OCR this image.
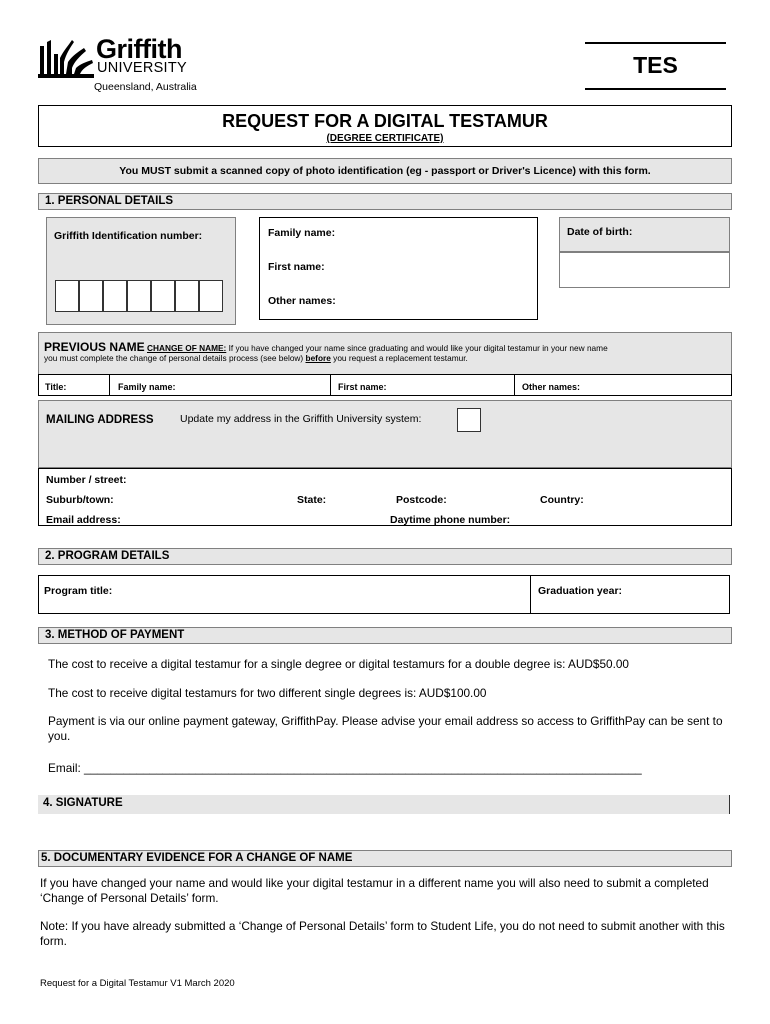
Griffith
UNIVERSITY
Queensland, Australia
TES
REQUEST FOR A DIGITAL TESTAMUR
(DEGREE CERTIFICATE)
You MUST submit a scanned copy of photo identification (eg - passport or Driver's Licence) with this form.
1. PERSONAL DETAILS
Griffith Identification number:	Family name:
First name:
Other names:
Date of birth:
PREVIOUS NAME CHANGE OF NAME: If you have changed your name since graduating and would like your digital testamur in your new name
you must complete the change of personal details process (see below) before you request a replacement testamur.
Title:	Family name:	First name:	Other names:
MAILING ADDRESS	Update my address in the Griffith University system:
Number / street:
Suburb/town:	State:	Postcode:	Country:
Email address:	Daytime phone number:
2. PROGRAM DETAILS
Program title:	Graduation year:
3. METHOD OF PAYMENT
The cost to receive a digital testamur for a single degree or digital testamurs for a double degree is: AUD$50.00
The cost to receive digital testamurs for two different single degrees is: AUD$100.00
Payment is via our online payment gateway, GriffithPay. Please advise your email address so access to GriffithPay can be sent to you.
Email: _____________________________________________________________________________________
4. SIGNATURE
5. DOCUMENTARY EVIDENCE FOR A CHANGE OF NAME
If you have changed your name and would like your digital testamur in a different name you will also need to submit a completed ‘Change of Personal Details’ form.
Note: If you have already submitted a ‘Change of Personal Details’ form to Student Life, you do not need to submit another with this form.
Request for a Digital Testamur V1 March 2020
